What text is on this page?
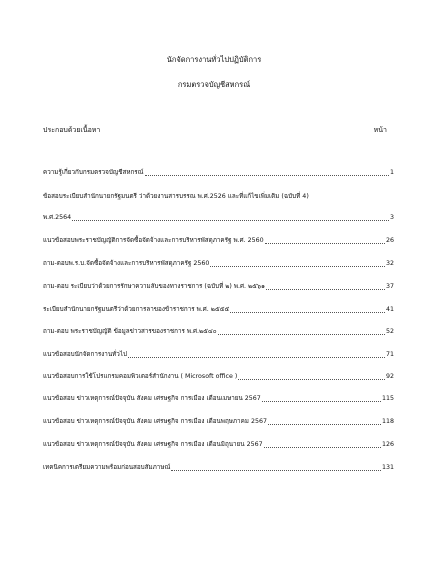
นักจัดการงานทั่วไปปฏิบัติการ
กรมตรวจบัญชีสหกรณ์
ประกอบด้วยเนื้อหา	หน้า
ความรู้เกี่ยวกับกรมตรวจบัญชีสหกรณ์	1
ข้อสอบระเบียบสำนักนายกรัฐมนตรี ว่าด้วยงานสารบรรณ พ.ศ.2526 และที่แก้ไขเพิ่มเติม (ฉบับที่ 4)
พ.ศ.2564	3
แนวข้อสอบพระราชบัญญัติการจัดซื้อจัดจ้างและการบริหารพัสดุภาครัฐ พ.ศ. 2560	26
ถาม-ตอบพ.ร.บ.จัดซื้อจัดจ้างและการบริหารพัสดุภาครัฐ 2560	32
ถาม-ตอบ ระเบียบว่าด้วยการรักษาความลับของทางราชการ (ฉบับที่ ๒) พ.ศ. ๒๕๖๑	37
ระเบียบสำนักนายกรัฐมนตรีว่าด้วยการลาของข้าราชการ พ.ศ. ๒๕๕๕	41
ถาม-ตอบ พระราชบัญญัติ ข้อมูลข่าวสารของราชการ พ.ศ.๒๕๔๐	52
แนวข้อสอบนักจัดการงานทั่วไป	71
แนวข้อสอบการใช้โปรแกรมคอมพิวเตอร์สำนักงาน ( Microsoft office )	92
แนวข้อสอบ ข่าวเหตุการณ์ปัจจุบัน สังคม เศรษฐกิจ การเมือง เดือนเมษายน 2567	115
แนวข้อสอบ ข่าวเหตุการณ์ปัจจุบัน สังคม เศรษฐกิจ การเมือง เดือนพฤษภาคม 2567	118
แนวข้อสอบ ข่าวเหตุการณ์ปัจจุบัน สังคม เศรษฐกิจ การเมือง เดือนมิถุนายน 2567	126
เทคนิคการเตรียมความพร้อมก่อนสอบสัมภาษณ์	131
